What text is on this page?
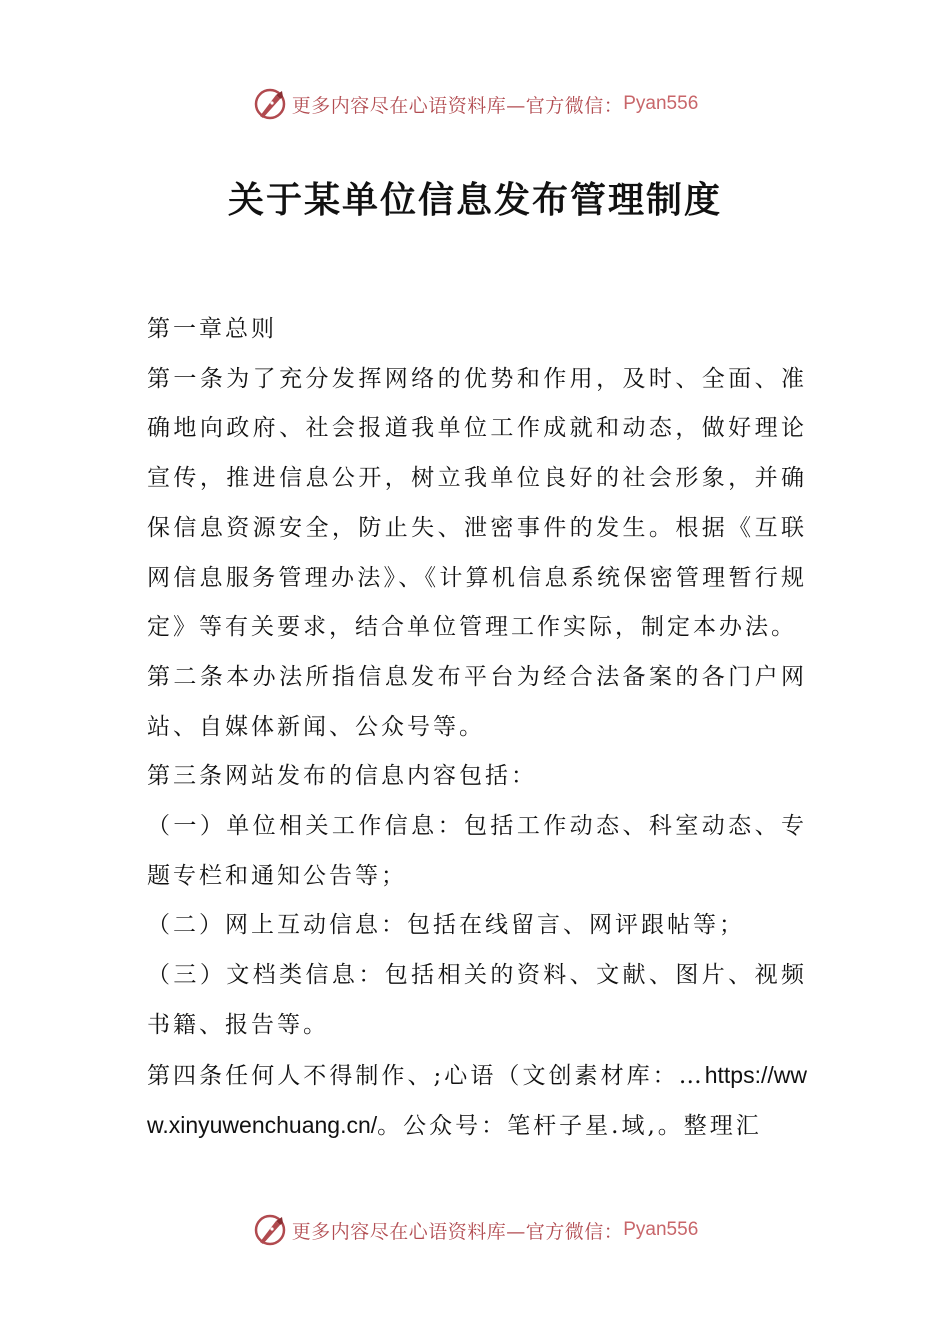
更多内容尽在心语资料库—官方微信： Pyan556
关于某单位信息发布管理制度

第一章总则

第一条为了充分发挥网络的优势和作用，及时、全面、准确地向政府、社会报道我单位工作成就和动态，做好理论宣传，推进信息公开，树立我单位良好的社会形象，并确保信息资源安全，防止失、泄密事件的发生。根据《互联网信息服务管理办法》、《计算机信息系统保密管理暂行规定》等有关要求，结合单位管理工作实际，制定本办法。

第二条本办法所指信息发布平台为经合法备案的各门户网站、自媒体新闻、公众号等。

第三条网站发布的信息内容包括：

（一）单位相关工作信息：包括工作动态、科室动态、专题专栏和通知公告等；

（二）网上互动信息：包括在线留言、网评跟帖等；

（三）文档类信息：包括相关的资料、文献、图片、视频书籍、报告等。

第四条任何人不得制作、;心语（文创素材库：…https://www.xinyuwenchuang.cn/。公众号：笔杆子星.域,。整理汇

更多内容尽在心语资料库—官方微信： Pyan556
